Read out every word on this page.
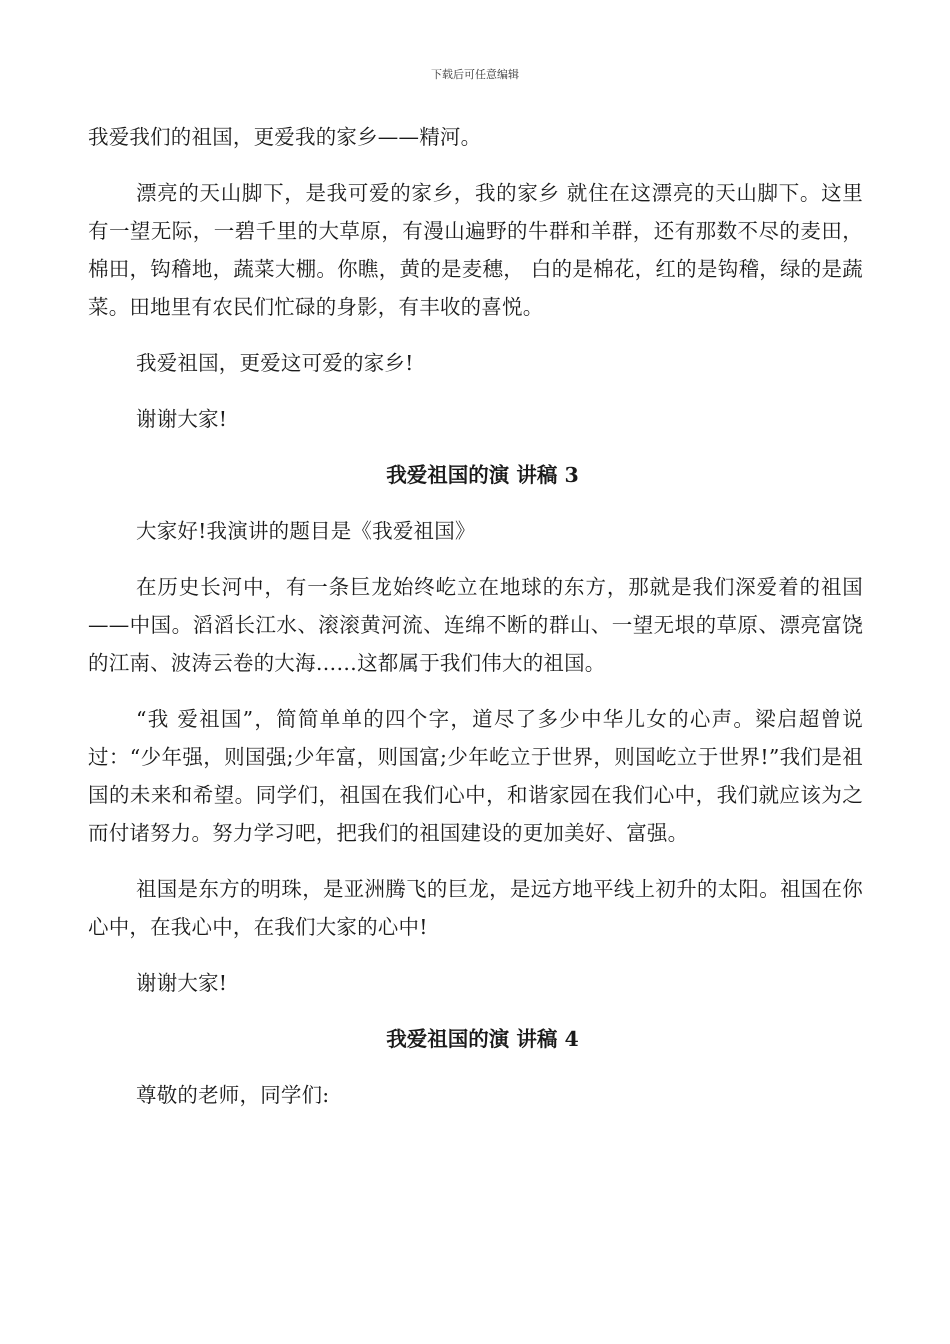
下载后可任意编辑

我爱我们的祖国，更爱我的家乡——精河。

漂亮的天山脚下，是我可爱的家乡，我的家乡 就住在这漂亮的天山脚下。这里有一望无际，一碧千里的大草原，有漫山遍野的牛群和羊群，还有那数不尽的麦田，棉田，钩稽地，蔬菜大棚。你瞧，黄的是麦穗， 白的是棉花，红的是钩稽，绿的是蔬菜。田地里有农民们忙碌的身影，有丰收的喜悦。

我爱祖国，更爱这可爱的家乡!

谢谢大家!

我爱祖国的演 讲稿 3

大家好!我演讲的题目是《我爱祖国》

在历史长河中，有一条巨龙始终屹立在地球的东方，那就是我们深爱着的祖国——中国。滔滔长江水、滚滚黄河流、连绵不断的群山、一望无垠的草原、漂亮富饶的江南、波涛云卷的大海……这都属于我们伟大的祖国。

“我 爱祖国”，简简单单的四个字，道尽了多少中华儿女的心声。梁启超曾说过：“少年强，则国强;少年富，则国富;少年屹立于世界，则国屹立于世界!”我们是祖 国的未来和希望。同学们，祖国在我们心中，和谐家园在我们心中，我们就应该为之而付诸努力。努力学习吧，把我们的祖国建设的更加美好、富强。

祖国是东方的明珠，是亚洲腾飞的巨龙，是远方地平线上初升的太阳。祖国在你心中，在我心中，在我们大家的心中!

谢谢大家!

我爱祖国的演 讲稿 4

尊敬的老师，同学们:
